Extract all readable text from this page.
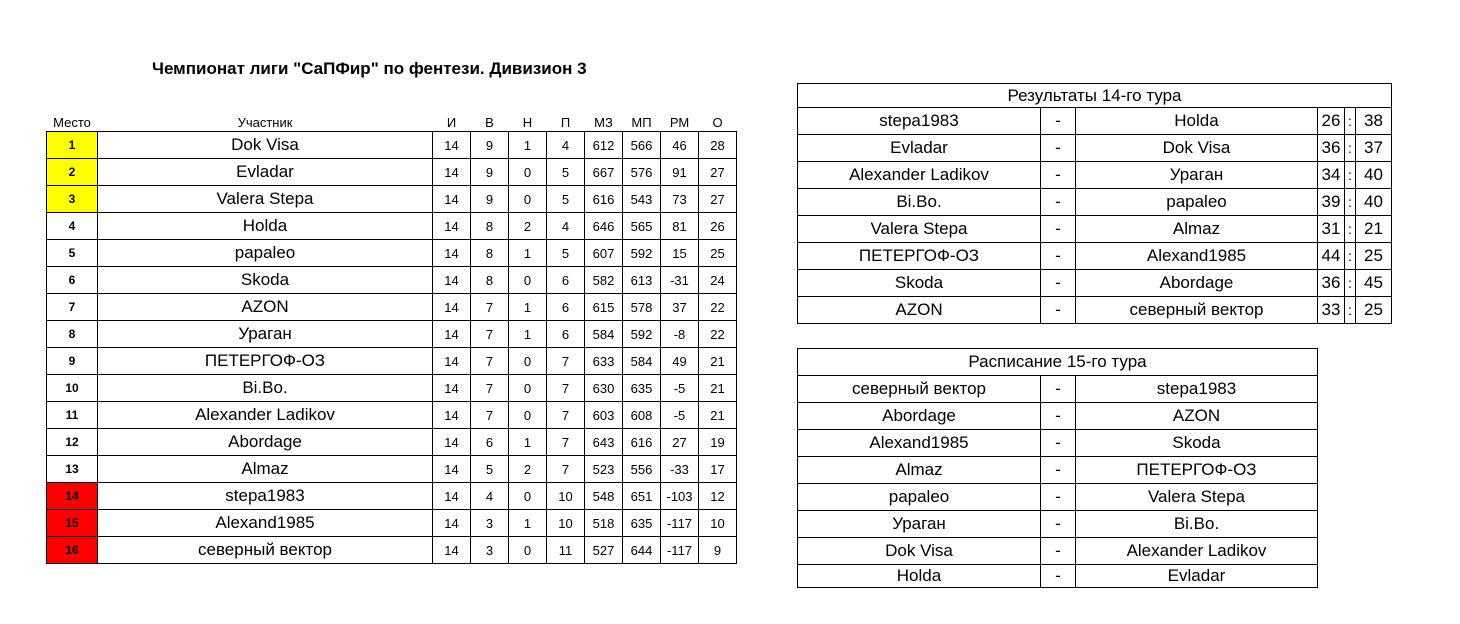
Чемпионат лиги "СаПФир" по фентези. Дивизион 3
Место	Участник	И	В	Н	П	МЗ	МП	РМ	О
1	Dok Visa	14	9	1	4	612	566	46	28
2	Evladar	14	9	0	5	667	576	91	27
3	Valera Stepa	14	9	0	5	616	543	73	27
4	Holda	14	8	2	4	646	565	81	26
5	papaleo	14	8	1	5	607	592	15	25
6	Skoda	14	8	0	6	582	613	-31	24
7	AZON	14	7	1	6	615	578	37	22
8	Ураган	14	7	1	6	584	592	-8	22
9	ПЕТЕРГОФ-ОЗ	14	7	0	7	633	584	49	21
10	Bi.Bo.	14	7	0	7	630	635	-5	21
11	Alexander Ladikov	14	7	0	7	603	608	-5	21
12	Abordage	14	6	1	7	643	616	27	19
13	Almaz	14	5	2	7	523	556	-33	17
14	stepa1983	14	4	0	10	548	651	-103	12
15	Alexand1985	14	3	1	10	518	635	-117	10
16	северный вектор	14	3	0	11	527	644	-117	9
Результаты 14-го тура					
stepa1983	-	Holda	26	:	38
Evladar	-	Dok Visa	36	:	37
Alexander Ladikov	-	Ураган	34	:	40
Bi.Bo.	-	papaleo	39	:	40
Valera Stepa	-	Almaz	31	:	21
ПЕТЕРГОФ-ОЗ	-	Alexand1985	44	:	25
Skoda	-	Abordage	36	:	45
AZON	-	северный вектор	33	:	25
Расписание 15-го тура		
северный вектор	-	stepa1983
Abordage	-	AZON
Alexand1985	-	Skoda
Almaz	-	ПЕТЕРГОФ-ОЗ
papaleo	-	Valera Stepa
Ураган	-	Bi.Bo.
Dok Visa	-	Alexander Ladikov
Holda	-	Evladar
